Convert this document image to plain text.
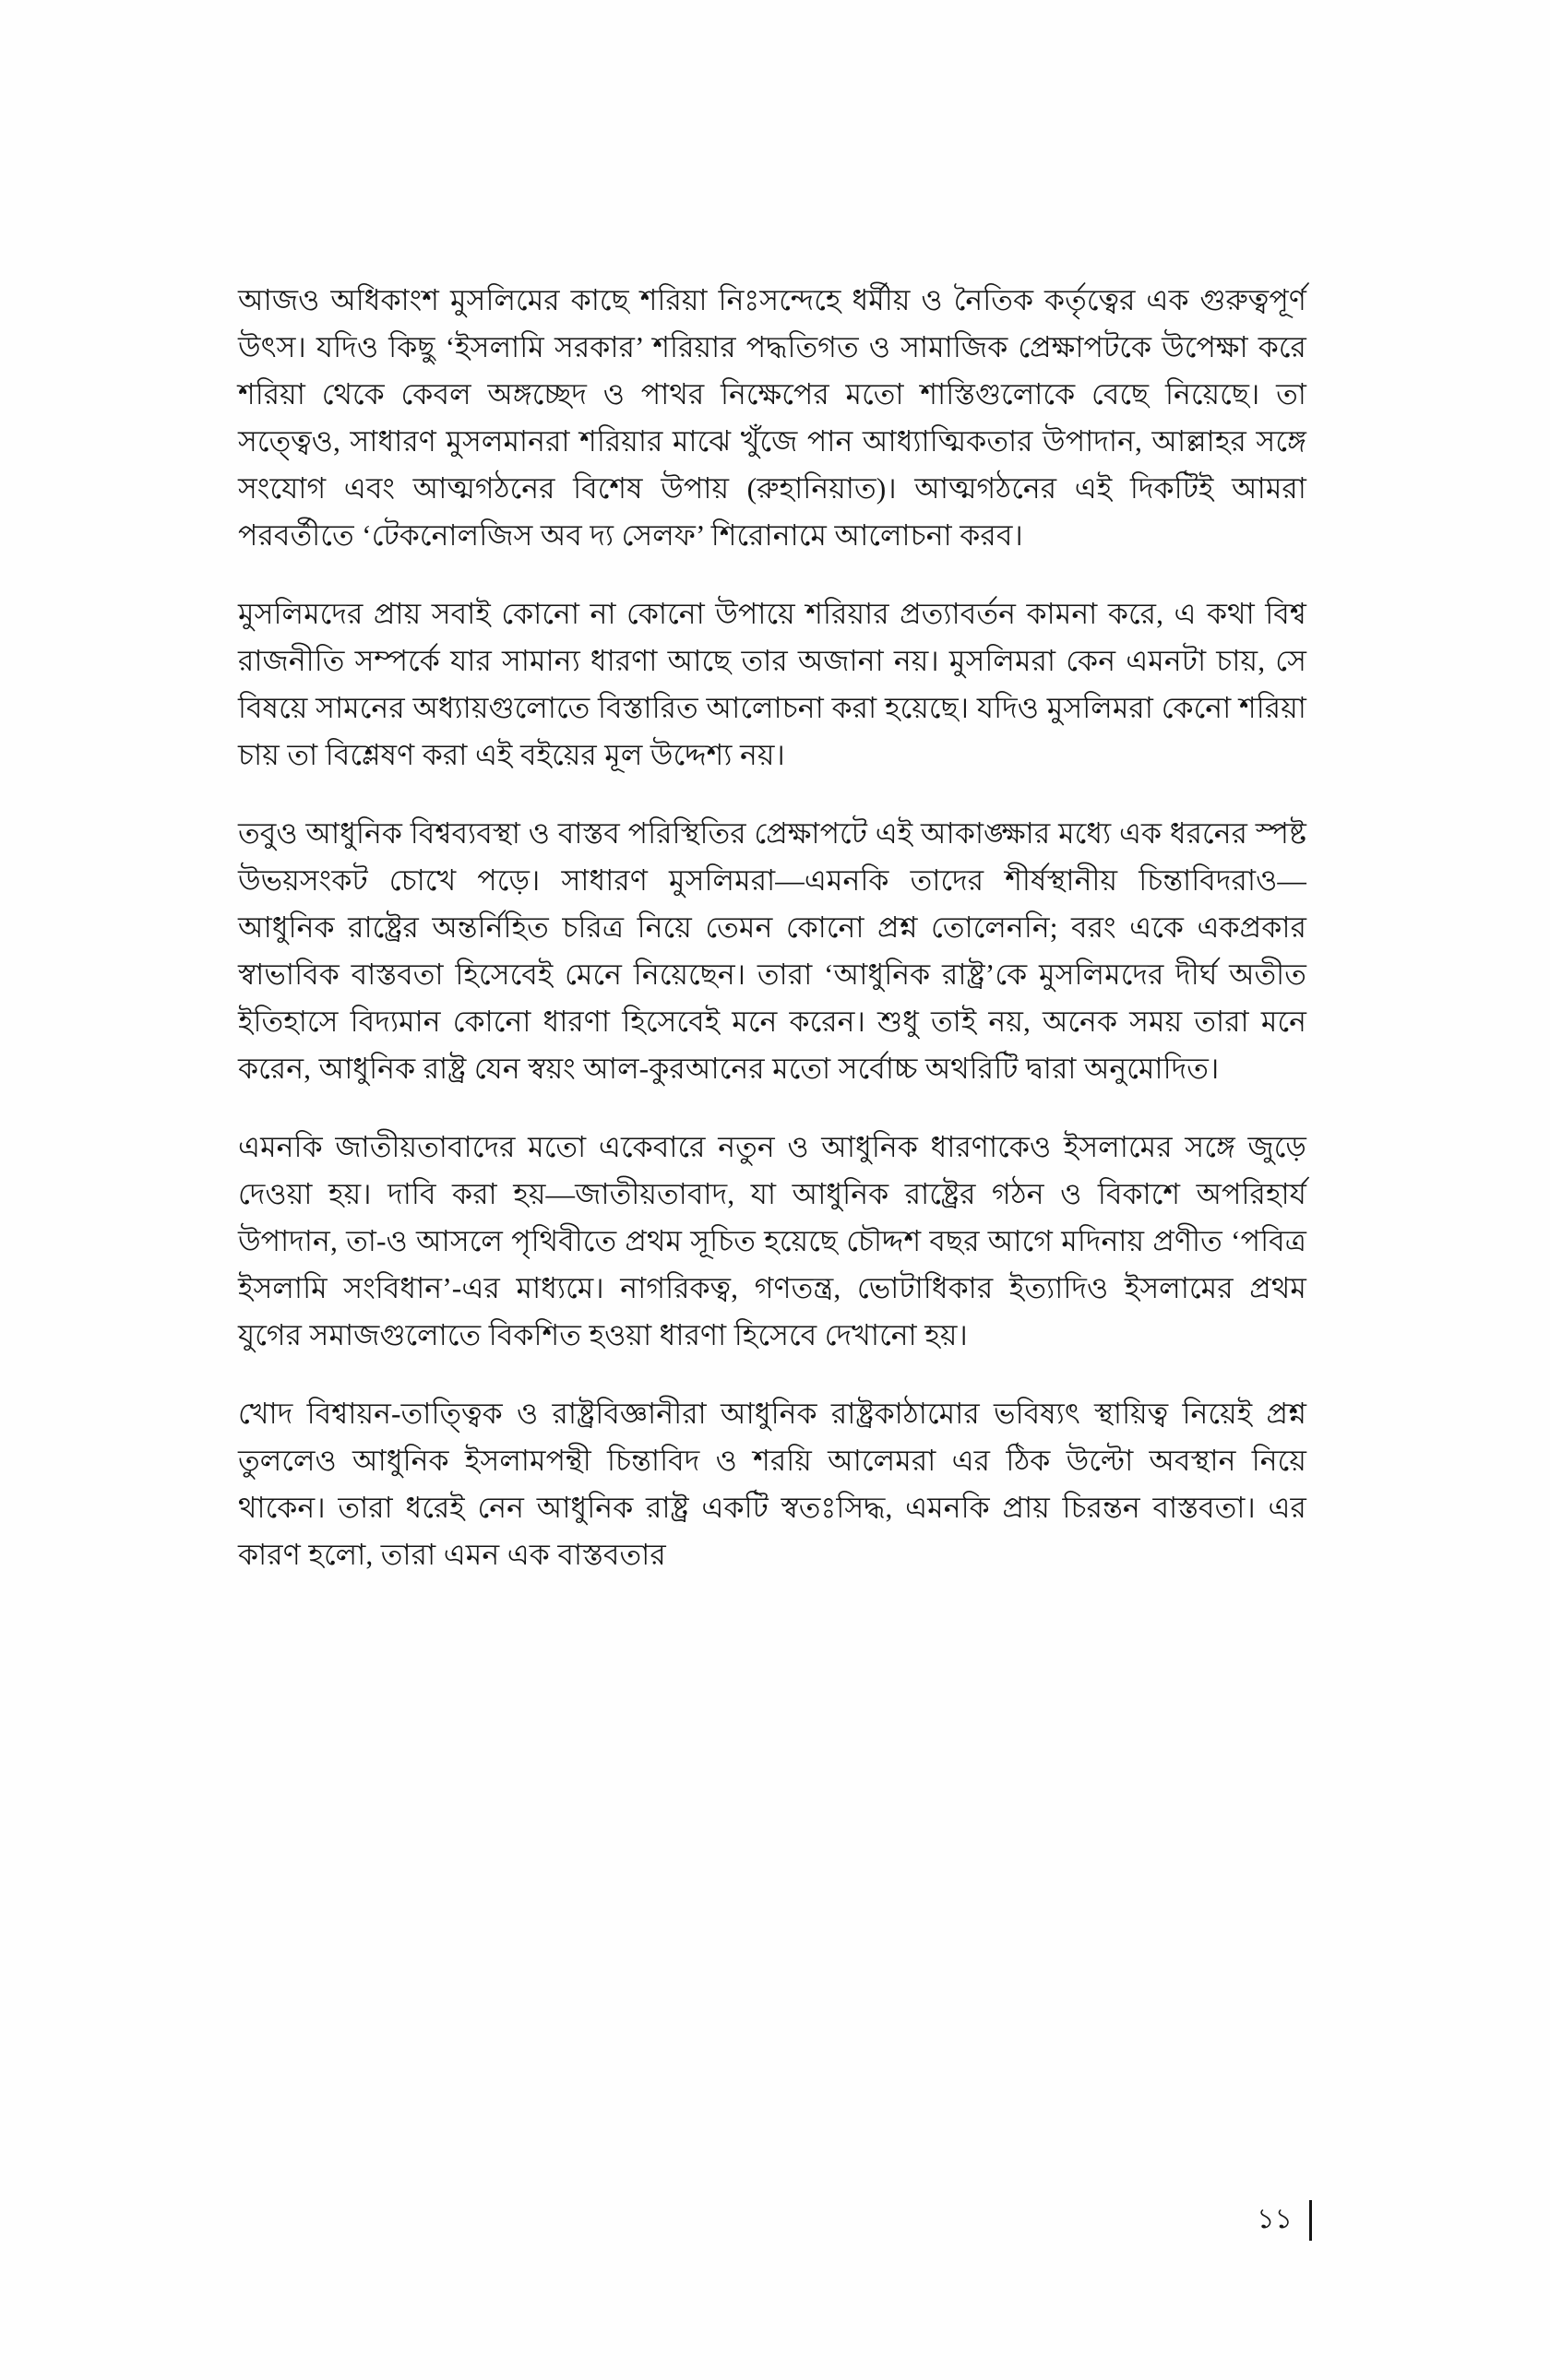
আজও অধিকাংশ মুসলিমের কাছে শরিয়া নিঃসন্দেহে ধর্মীয় ও নৈতিক কর্তৃত্বের এক গুরুত্বপূর্ণ উৎস। যদিও কিছু ‘ইসলামি সরকার’ শরিয়ার পদ্ধতিগত ও সামাজিক প্রেক্ষাপটকে উপেক্ষা করে শরিয়া থেকে কেবল অঙ্গচ্ছেদ ও পাথর নিক্ষেপের মতো শাস্তিগুলোকে বেছে নিয়েছে। তা সত্ত্বেও, সাধারণ মুসলমানরা শরিয়ার মাঝে খুঁজে পান আধ্যাত্মিকতার উপাদান, আল্লাহর সঙ্গে সংযোগ এবং আত্মগঠনের বিশেষ উপায় (রুহানিয়াত)। আত্মগঠনের এই দিকটিই আমরা পরবর্তীতে ‘টেকনোলজিস অব দ্য সেলফ’ শিরোনামে আলোচনা করব।

মুসলিমদের প্রায় সবাই কোনো না কোনো উপায়ে শরিয়ার প্রত্যাবর্তন কামনা করে, এ কথা বিশ্ব রাজনীতি সম্পর্কে যার সামান্য ধারণা আছে তার অজানা নয়। মুসলিমরা কেন এমনটা চায়, সে বিষয়ে সামনের অধ্যায়গুলোতে বিস্তারিত আলোচনা করা হয়েছে। যদিও মুসলিমরা কেনো শরিয়া চায় তা বিশ্লেষণ করা এই বইয়ের মূল উদ্দেশ্য নয়।

তবুও আধুনিক বিশ্বব্যবস্থা ও বাস্তব পরিস্থিতির প্রেক্ষাপটে এই আকাঙ্ক্ষার মধ্যে এক ধরনের স্পষ্ট উভয়সংকট চোখে পড়ে। সাধারণ মুসলিমরা—এমনকি তাদের শীর্ষস্থানীয় চিন্তাবিদরাও—আধুনিক রাষ্ট্রের অন্তর্নিহিত চরিত্র নিয়ে তেমন কোনো প্রশ্ন তোলেননি; বরং একে একপ্রকার স্বাভাবিক বাস্তবতা হিসেবেই মেনে নিয়েছেন। তারা ‘আধুনিক রাষ্ট্র’কে মুসলিমদের দীর্ঘ অতীত ইতিহাসে বিদ্যমান কোনো ধারণা হিসেবেই মনে করেন। শুধু তাই নয়, অনেক সময় তারা মনে করেন, আধুনিক রাষ্ট্র যেন স্বয়ং আল-কুরআনের মতো সর্বোচ্চ অথরিটি দ্বারা অনুমোদিত।

এমনকি জাতীয়তাবাদের মতো একেবারে নতুন ও আধুনিক ধারণাকেও ইসলামের সঙ্গে জুড়ে দেওয়া হয়। দাবি করা হয়—জাতীয়তাবাদ, যা আধুনিক রাষ্ট্রের গঠন ও বিকাশে অপরিহার্য উপাদান, তা-ও আসলে পৃথিবীতে প্রথম সূচিত হয়েছে চৌদ্দশ বছর আগে মদিনায় প্রণীত ‘পবিত্র ইসলামি সংবিধান’-এর মাধ্যমে। নাগরিকত্ব, গণতন্ত্র, ভোটাধিকার ইত্যাদিও ইসলামের প্রথম যুগের সমাজগুলোতে বিকশিত হওয়া ধারণা হিসেবে দেখানো হয়।

খোদ বিশ্বায়ন-তাত্ত্বিক ও রাষ্ট্রবিজ্ঞানীরা আধুনিক রাষ্ট্রকাঠামোর ভবিষ্যৎ স্থায়িত্ব নিয়েই প্রশ্ন তুললেও আধুনিক ইসলামপন্থী চিন্তাবিদ ও শরয়ি আলেমরা এর ঠিক উল্টো অবস্থান নিয়ে থাকেন। তারা ধরেই নেন আধুনিক রাষ্ট্র একটি স্বতঃসিদ্ধ, এমনকি প্রায় চিরন্তন বাস্তবতা। এর কারণ হলো, তারা এমন এক বাস্তবতার

১১
